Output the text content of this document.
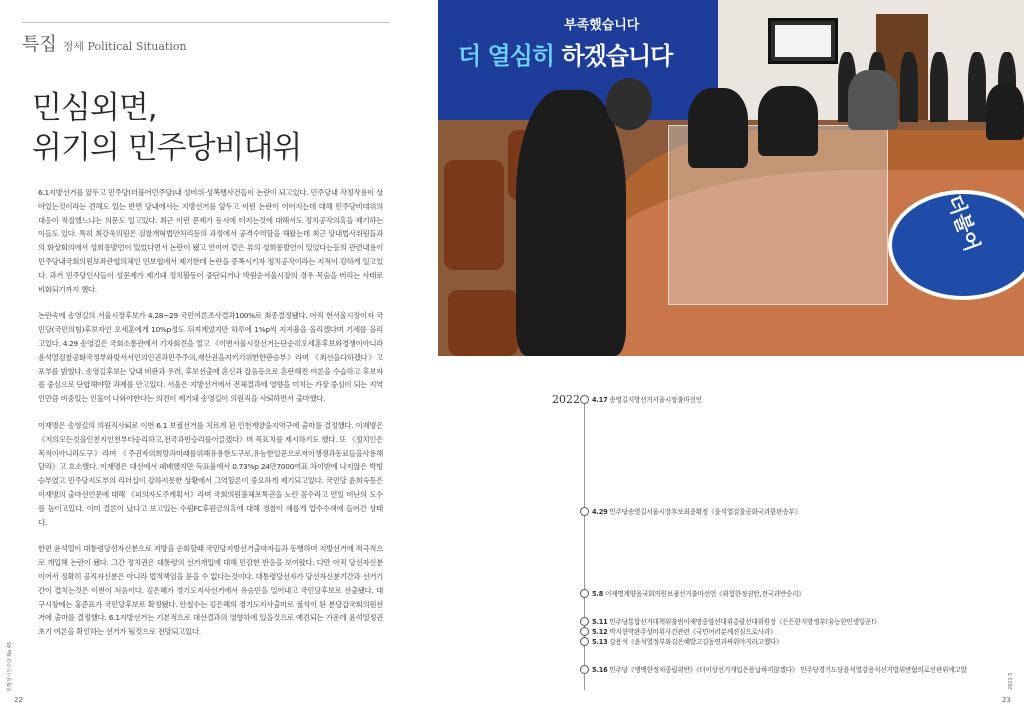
특집 정세 Political Situation
민심외면,
위기의 민주당비대위

6.1지방선거를 앞두고 민주당(더불어민주당)내 성비위·성폭행사건들이 논란이 되고있다. 민주당내 작정작용이 상아있는것이라는 견해도 있는 반면 당내에서는 지방선거를 앞두고 이런 논란이 이어지는데 대해 민주당비대위의 대응이 적절했느냐는 의문도 일고있다. 최근 이런 문제가 동시에 터지는것에 대해서도 정치공작의혹을 제기하는 이들도 있다. 특히 최강욱의원은 검찰개혁법안처리등의 과정에서 공격수역할을 해왔는데 최근 당내법사위원들과의 화상회의에서 성희롱발언이 있었다면서 논란이 됐고 연이어 같은 류의 성희롱발언이 있었다는등의 관련내용이 민주당내국회의원보좌관협의체인 민보협에서 제기한데 논란을 증폭시키자 정치공작이라는 지적이 강하게 일고있다. 과거 민주당인사들이 성문제가 제기돼 정치활동이 중단되거나 박원순서울시장의 경우 목숨을 버리는 사태로 비화되기까지 했다.

논란속에 송영길의 서울시장후보가 4.28~29 국민여론조사결과100%로 최종결정됐다. 아직 현서울시장이자 국민당(국민의힘)후보자인 오세훈에게 10%p정도 뒤져계었지만 하루에 1%p씩 지지율을 올리겠다며 기세를 올리고있다. 4.29 송영길은 국회소통관에서 기자회견을 열고 《이번서울시장선거는단순히오세훈후보와경쟁이아니라윤석열검찰공화국정부와맞서서민의인권과민주주의,재산권을지키기위한한판승부》라며 《최선을다하겠다》고 포부를 밝혔다. 송영길후보는 당내 비판과 우려, 후보선출에 혼신과 잡음등으로 혼란해진 여론을 수습하고 후보자를 중심으로 단합해야할 과제를 안고있다. 서울은 지방선거에서 전체결과에 영향을 미치는 가장 중심이 되는 지역인만큼 비중있는 인물이 나와야한다는 의견이 제기돼 송영길이 의원직을 사퇴하면서 출마했다.

이재명은 송영길의 의원직사퇴로 이번 6.1 보궐선거를 치르게 된 인천계양을지역구에 출마를 결정했다. 이재명은 《저의모든것을인천지인천부터승리하고,전국과반승리를이끌겠다》며 목표치를 제시하기도 했다. 또 《정치인은목적이아니라도구》라며 《주권자의희망과미래를위해유용한도구로,유능한일꾼으로저이쟁쟁과동료들을사용해달라》고 호소했다. 이재명은 대선에서 패배했지만 득표율에서 0.73%p 24만7000여표 차이밖에 나지않은 박빙승부였고 민주당지도부의 리더십이 강하지못한 상황에서 그역할론이 중요하게 제기되고있다. 국민당 윤희숙등은 이재명의 출마선언문에 대해 《피의자도주계획서》라며 국회의원불체포특권을 노린 꼼수라고 연일 비난의 도수를 높이고있다. 이미 결론이 났다고 보고있는 수원FC후원금의혹에 대해 경찰이 새롭게 압수수색에 들어간 상태다.

한편 윤석열이 대통령당선자신분으로 지방을 순회할때 국민당지방선거출마자들과 동행하며 지방선거에 적극적으로 개입해 논란이 됐다. 그간 정치권은 대통령의 선거개입에 대해 민감한 반응을 보여왔다. 다만 아직 당선자신분이어서 정확히 공직자신분은 아니라 법적책임을 묻을 수 없다는것이다. 대통령당선자가 당선자신분기간과 선거기간이 겹치는것은 이번이 처음이다. 김은혜가 경기도지사선거에서 유승민을 밀어내고 국민당후보로 선출됐다. 대구시장에는 홍준표가 국민당후보로 확정됐다. 안철수는 김은혜의 경기도지사출마로 궐석이 된 분당갑국회의원선거에 출마를 결정했다. 6.1지방선거는 기본적으로 대선결과의 영향하에 있을것으로 예견되는 가운데 윤석열정권초기 여론을 확인하는 선거가 될것으로 전망되고있다.

원행정시민주당 No.45
22
부족했습니다
더 열심히 하겠습니다
더불어
2022 4.17 송영길지방선거서울시장출마선언
4.29 민주당송영길서울시장후보최종확정《윤석열검찰공화국과한판승부》
5.8 이재명계양을국회의원보궐선거출마선언《위험한정권탄,전국과반승리》
5.11 민주당통합선거대책위출범이재명중앙선대위총괄선대위원장《든든한지방정부!유능한민생일꾼!》
5.12 박지현박완주성비위사건관련《국민여러분께진심으로사과》
5.13 강용석《윤석열정부와김은혜발고김동연과싸워야지라고했다》
5.16 민주당《맹백한정치중립위반》《더이상선거개입은용납하지않겠다》 민주당경기도당윤석열강용석선거법위반혐의로선관위에고발
2022.5
23
